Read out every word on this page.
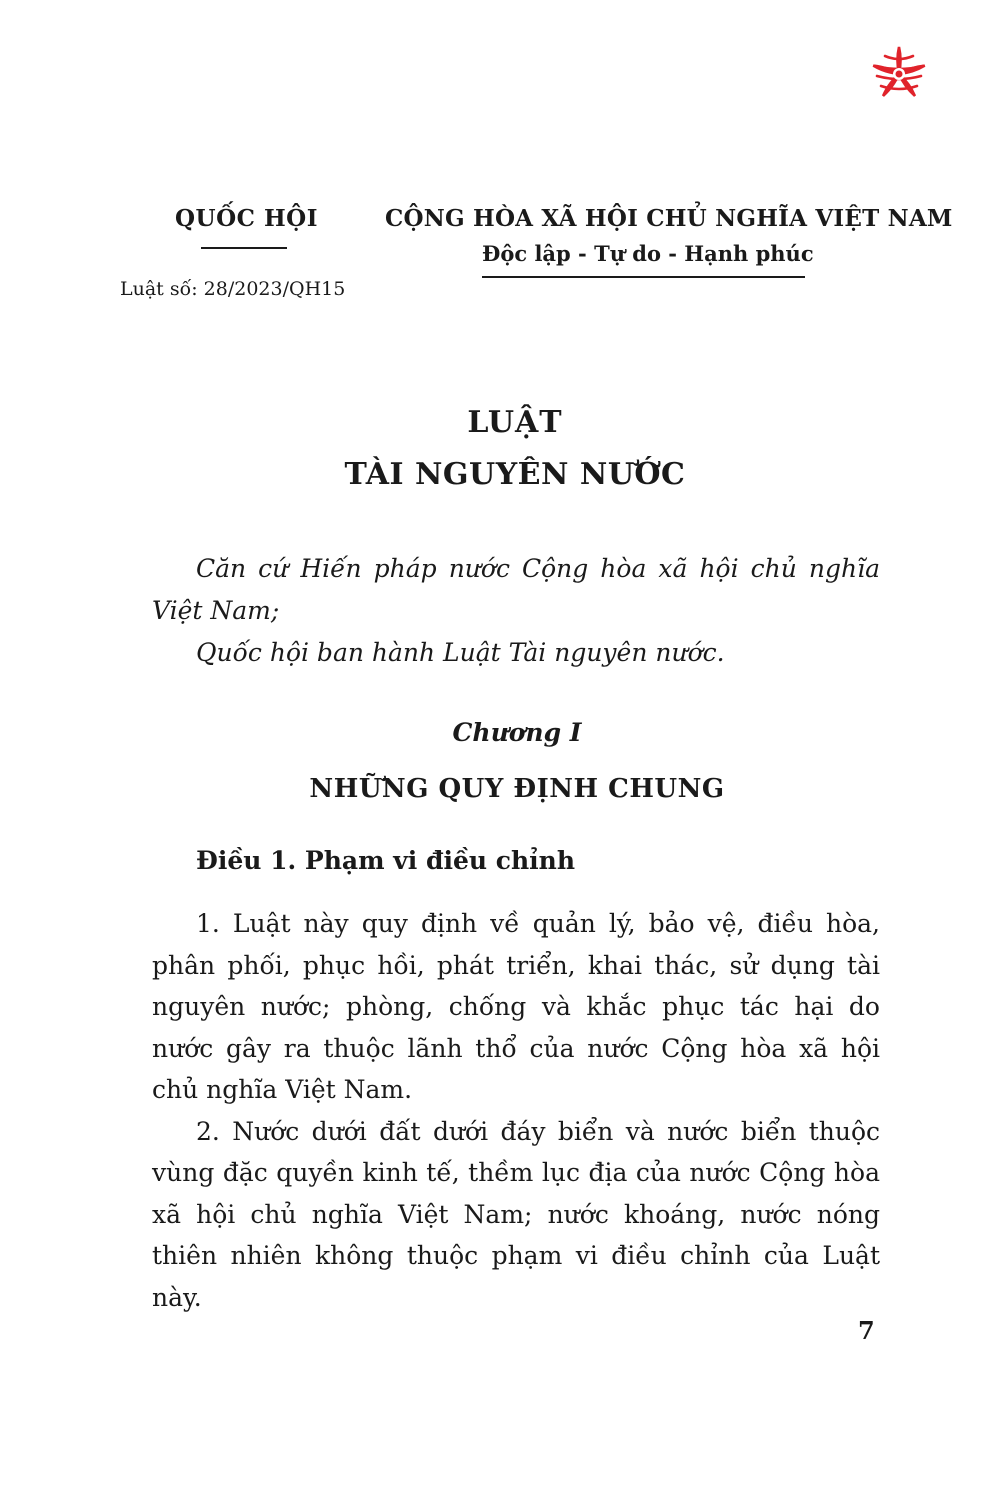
QUỐC HỘI	CỘNG HÒA XÃ HỘI CHỦ NGHĨA VIỆT NAM
Độc lập - Tự do - Hạnh phúc
Luật số: 28/2023/QH15
LUẬT
TÀI NGUYÊN NƯỚC

Căn cứ Hiến pháp nước Cộng hòa xã hội chủ nghĩa Việt Nam;

Quốc hội ban hành Luật Tài nguyên nước.

Chương I
NHỮNG QUY ĐỊNH CHUNG
Điều 1. Phạm vi điều chỉnh

1. Luật này quy định về quản lý, bảo vệ, điều hòa, phân phối, phục hồi, phát triển, khai thác, sử dụng tài nguyên nước; phòng, chống và khắc phục tác hại do nước gây ra thuộc lãnh thổ của nước Cộng hòa xã hội chủ nghĩa Việt Nam.

2. Nước dưới đất dưới đáy biển và nước biển thuộc vùng đặc quyền kinh tế, thềm lục địa của nước Cộng hòa xã hội chủ nghĩa Việt Nam; nước khoáng, nước nóng thiên nhiên không thuộc phạm vi điều chỉnh của Luật này.

7
